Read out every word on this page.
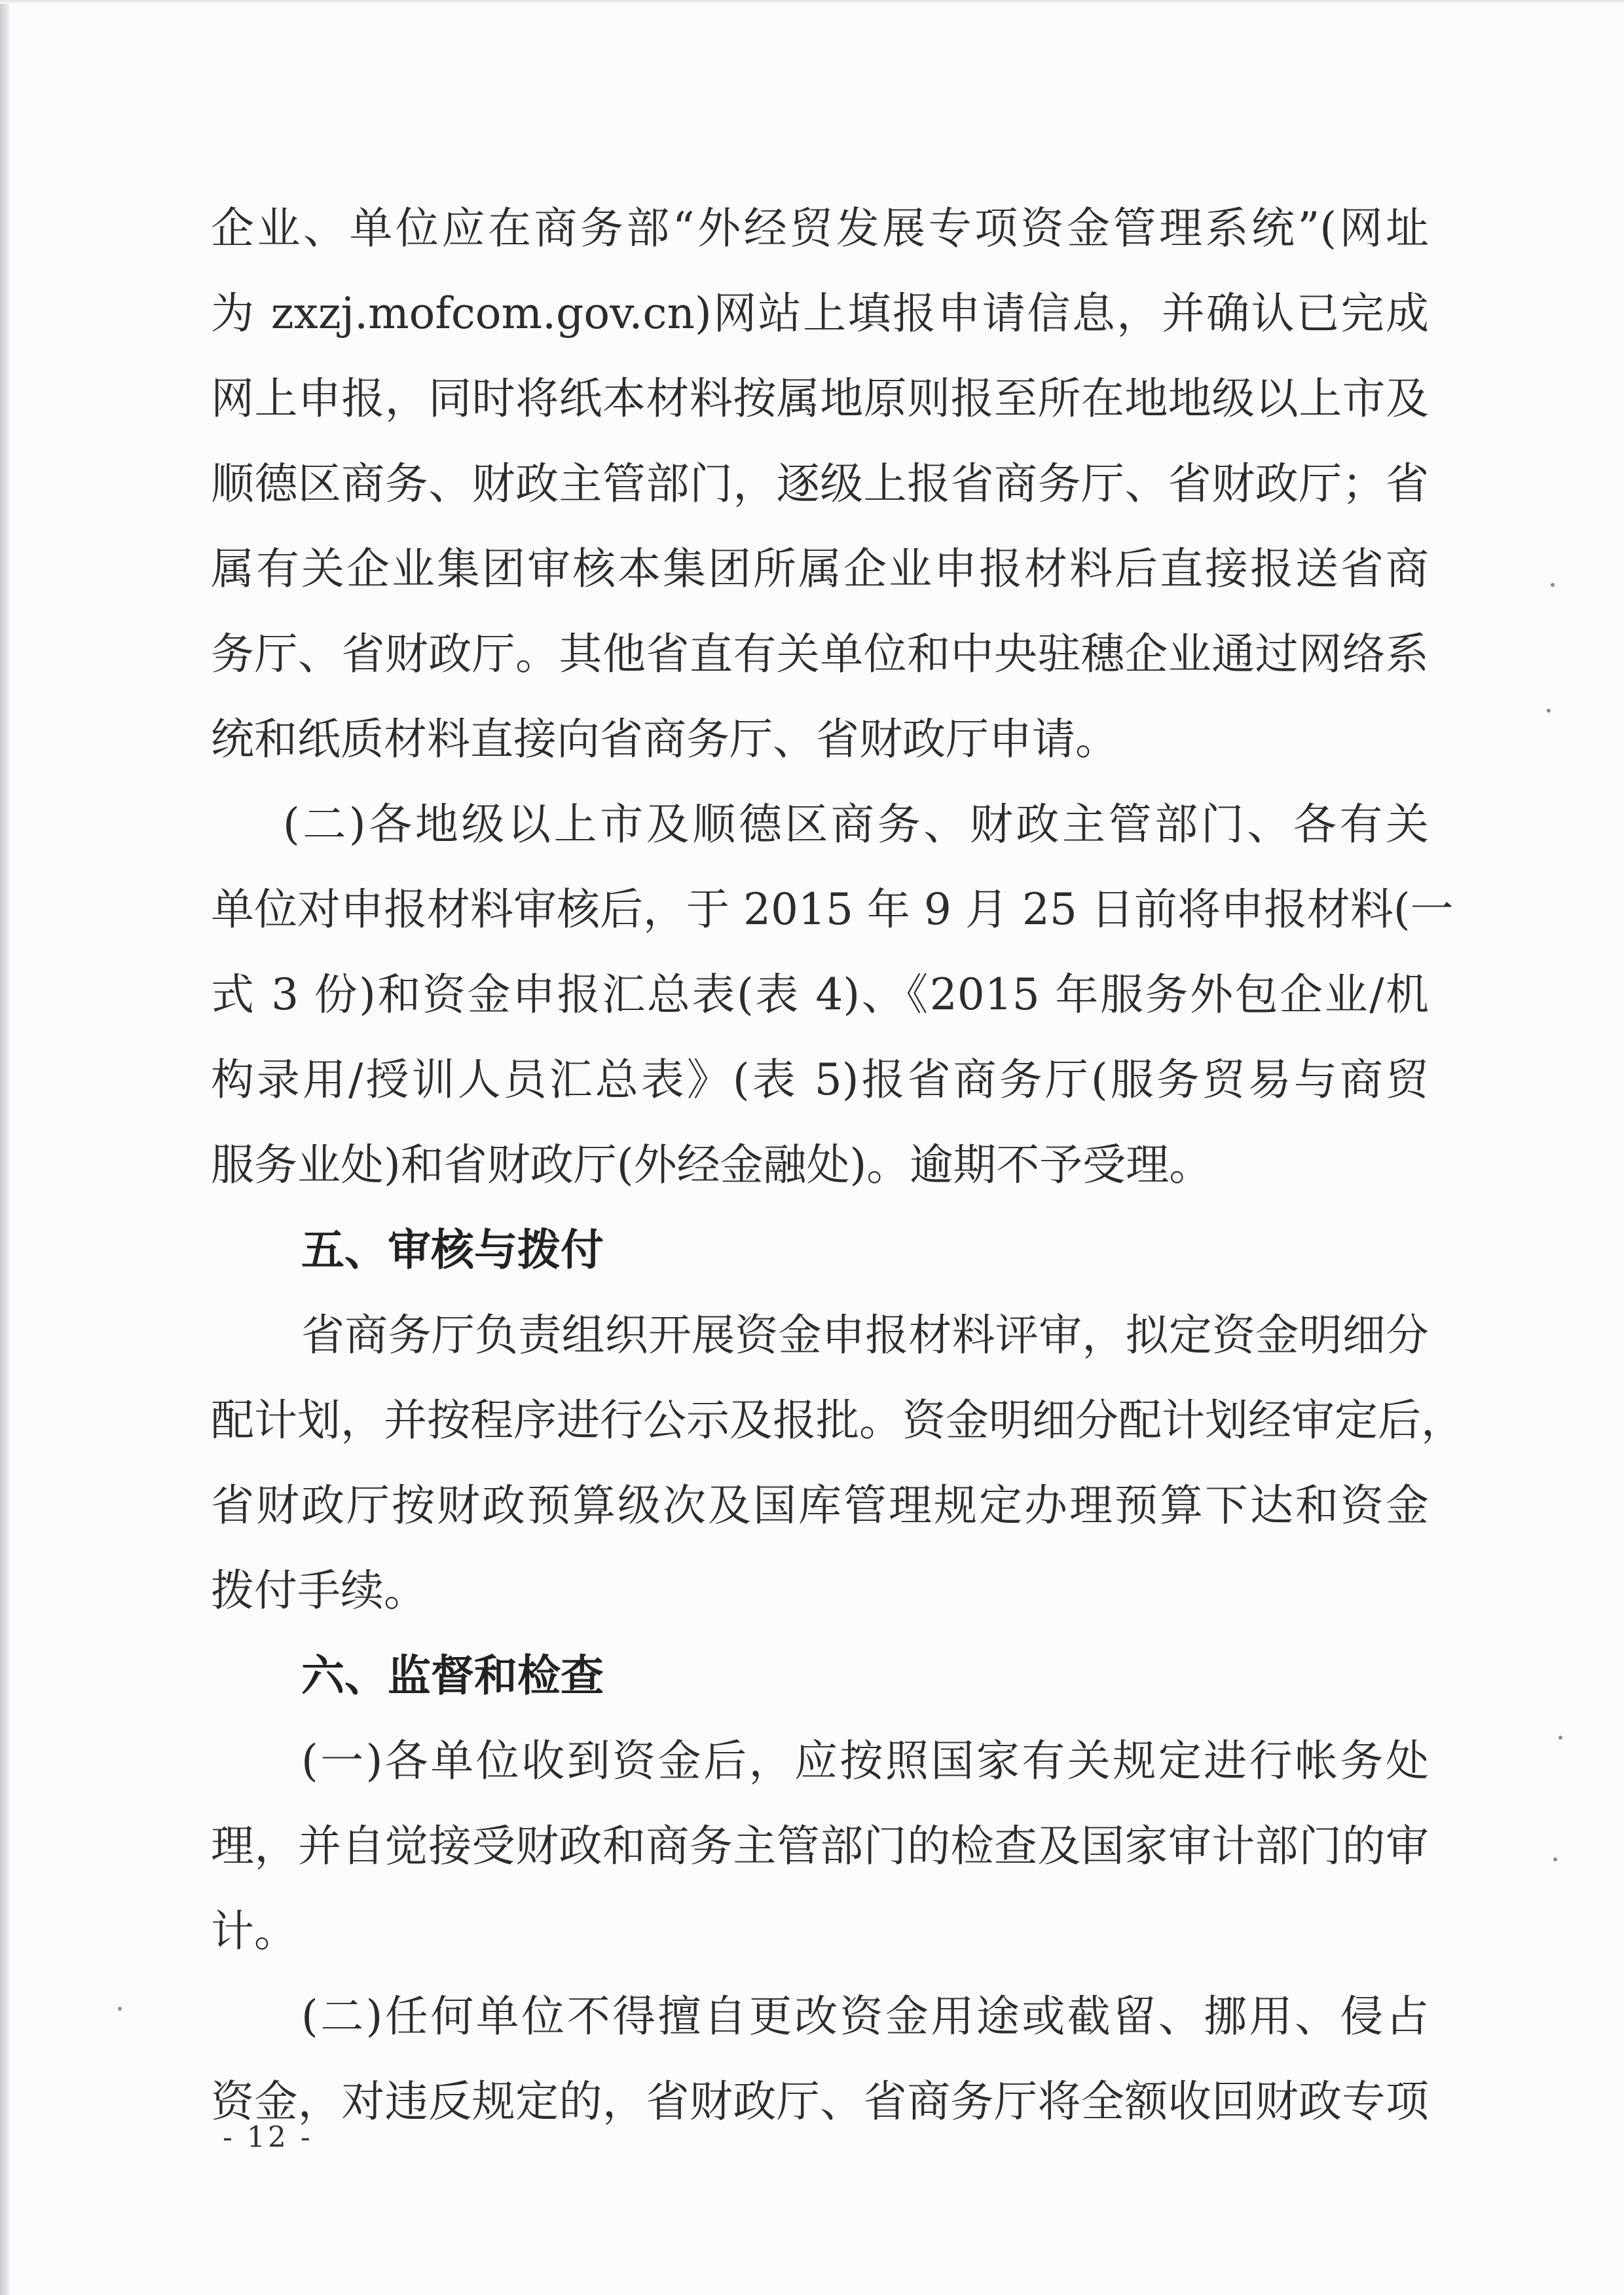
企业、单位应在商务部“外经贸发展专项资金管理系统”(网址
为 zxzj.mofcom.gov.cn)网站上填报申请信息，并确认已完成
网上申报，同时将纸本材料按属地原则报至所在地地级以上市及
顺德区商务、财政主管部门，逐级上报省商务厅、省财政厅；省
属有关企业集团审核本集团所属企业申报材料后直接报送省商
务厅、省财政厅。其他省直有关单位和中央驻穗企业通过网络系
统和纸质材料直接向省商务厅、省财政厅申请。
(二)各地级以上市及顺德区商务、财政主管部门、各有关
单位对申报材料审核后，于 2015 年 9 月 25 日前将申报材料(一
式 3 份)和资金申报汇总表(表 4)、《2015 年服务外包企业/机
构录用/授训人员汇总表》(表 5)报省商务厅(服务贸易与商贸
服务业处)和省财政厅(外经金融处)。逾期不予受理。
五、审核与拨付
省商务厅负责组织开展资金申报材料评审，拟定资金明细分
配计划，并按程序进行公示及报批。资金明细分配计划经审定后，
省财政厅按财政预算级次及国库管理规定办理预算下达和资金
拨付手续。
六、监督和检查
(一)各单位收到资金后，应按照国家有关规定进行帐务处
理，并自觉接受财政和商务主管部门的检查及国家审计部门的审
计。
(二)任何单位不得擅自更改资金用途或截留、挪用、侵占
资金，对违反规定的，省财政厅、省商务厅将全额收回财政专项
- 12 -
